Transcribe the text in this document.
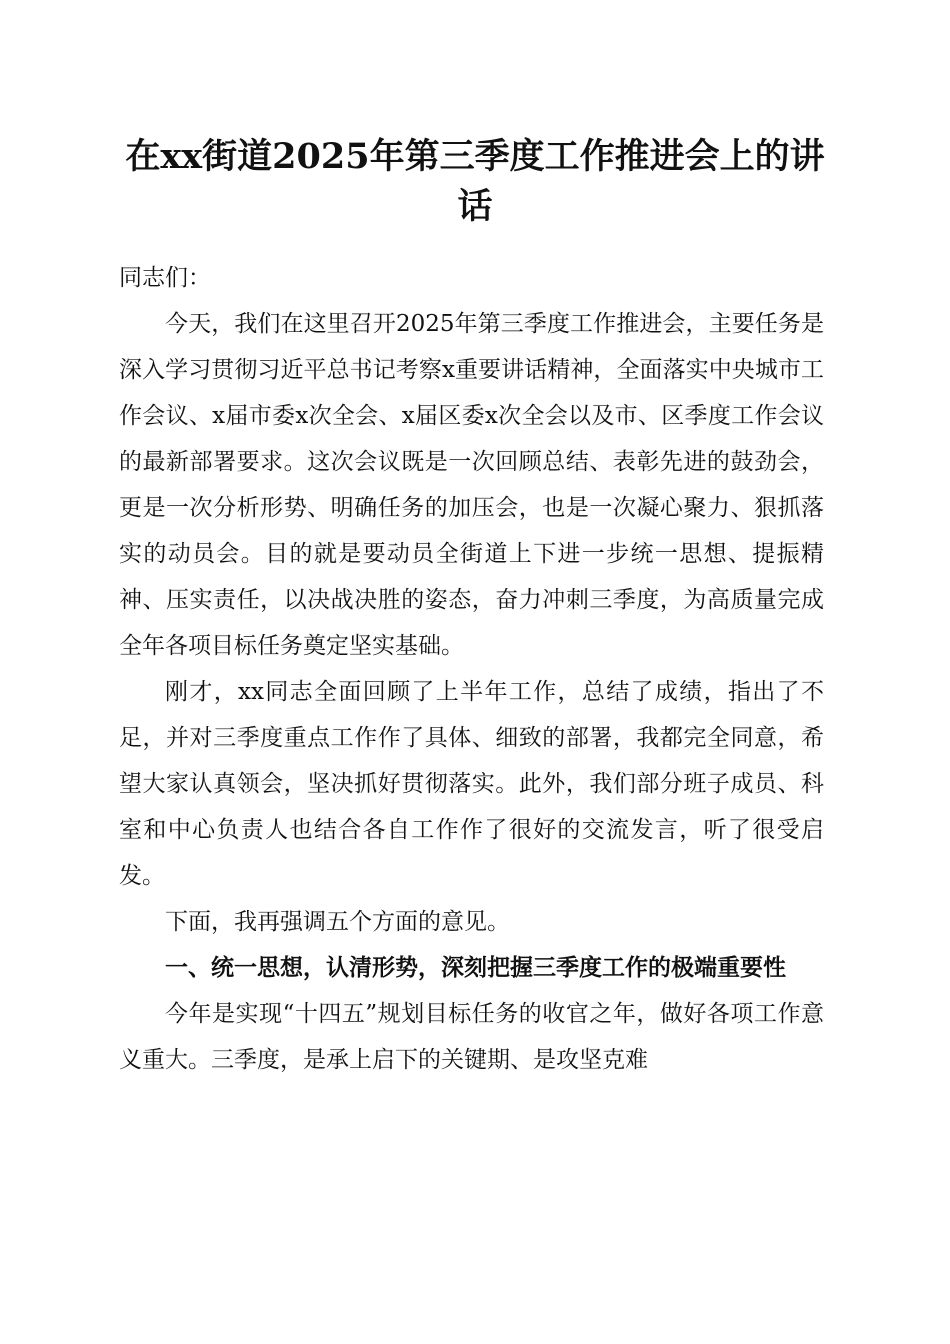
在xx街道2025年第三季度工作推进会上的讲话

同志们：

今天，我们在这里召开2025年第三季度工作推进会，主要任务是深入学习贯彻习近平总书记考察x重要讲话精神，全面落实中央城市工作会议、x届市委x次全会、x届区委x次全会以及市、区季度工作会议的最新部署要求。这次会议既是一次回顾总结、表彰先进的鼓劲会，更是一次分析形势、明确任务的加压会，也是一次凝心聚力、狠抓落实的动员会。目的就是要动员全街道上下进一步统一思想、提振精神、压实责任，以决战决胜的姿态，奋力冲刺三季度，为高质量完成全年各项目标任务奠定坚实基础。

刚才，xx同志全面回顾了上半年工作，总结了成绩，指出了不足，并对三季度重点工作作了具体、细致的部署，我都完全同意，希望大家认真领会，坚决抓好贯彻落实。此外，我们部分班子成员、科室和中心负责人也结合各自工作作了很好的交流发言，听了很受启发。

下面，我再强调五个方面的意见。

一、统一思想，认清形势，深刻把握三季度工作的极端重要性

今年是实现“十四五”规划目标任务的收官之年，做好各项工作意义重大。三季度，是承上启下的关键期、是攻坚克难
